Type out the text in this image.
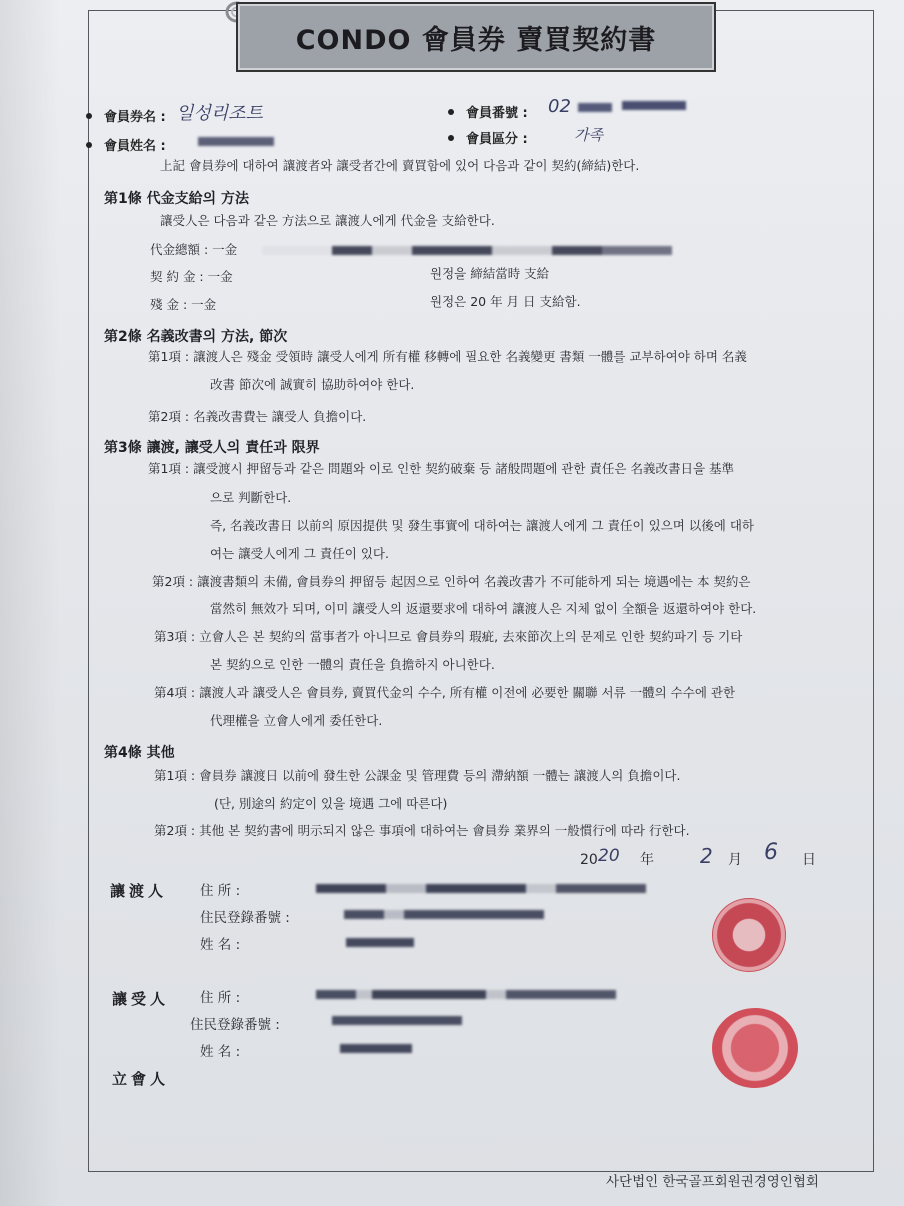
CONDO 會員券 賣買契約書
會員券名 : 일성리조트	會員番號 : 02
會員姓名 :	會員區分 :	가족
上記 會員券에 대하여 讓渡者와 讓受者간에 賣買함에 있어 다음과 같이 契約(締結)한다.
第1條 代金支給의 方法
讓受人은 다음과 같은 方法으로 讓渡人에게 代金을 支給한다.
代金總額 : 一金
契 約 金 : 一金	원정을 締結當時 支給
殘 金 : 一金	원정은 20 年 月 日 支給함.
第2條 名義改書의 方法, 節次
第1項 : 讓渡人은 殘金 受領時 讓受人에게 所有權 移轉에 필요한 名義變更 書類 一體를 교부하여야 하며 名義
改書 節次에 誠實히 協助하여야 한다.
第2項 : 名義改書費는 讓受人 負擔이다.
第3條 讓渡, 讓受人의 責任과 限界
第1項 : 讓受渡시 押留등과 같은 問題와 이로 인한 契約破棄 등 諸般問題에 관한 責任은 名義改書日을 基準
으로 判斷한다.
즉, 名義改書日 以前의 原因提供 및 發生事實에 대하여는 讓渡人에게 그 責任이 있으며 以後에 대하
여는 讓受人에게 그 責任이 있다.
第2項 : 讓渡書類의 未備, 會員券의 押留등 起因으로 인하여 名義改書가 不可能하게 되는 境遇에는 本 契約은
當然히 無效가 되며, 이미 讓受人의 返還要求에 대하여 讓渡人은 지체 없이 全額을 返還하여야 한다.
第3項 : 立會人은 본 契約의 當事者가 아니므로 會員券의 瑕疵, 去來節次上의 문제로 인한 契約파기 등 기타
본 契約으로 인한 一體의 責任을 負擔하지 아니한다.
第4項 : 讓渡人과 讓受人은 會員券, 賣買代金의 수수, 所有權 이전에 必要한 關聯 서류 一體의 수수에 관한
代理權을 立會人에게 委任한다.
第4條 其他
第1項 : 會員券 讓渡日 以前에 發生한 公課金 및 管理費 등의 滯納額 一體는 讓渡人의 負擔이다.
(단, 別途의 約定이 있을 境遇 그에 따른다)
第2項 : 其他 본 契約書에 明示되지 않은 事項에 대하여는 會員券 業界의 一般慣行에 따라 行한다.
20 20 年 2 月 6 日
讓渡人 住 所 :
住民登錄番號 :
姓 名 :
讓受人 住 所 :
住民登錄番號 :
姓 名 :
立會人
사단법인 한국골프회원권경영인협회
